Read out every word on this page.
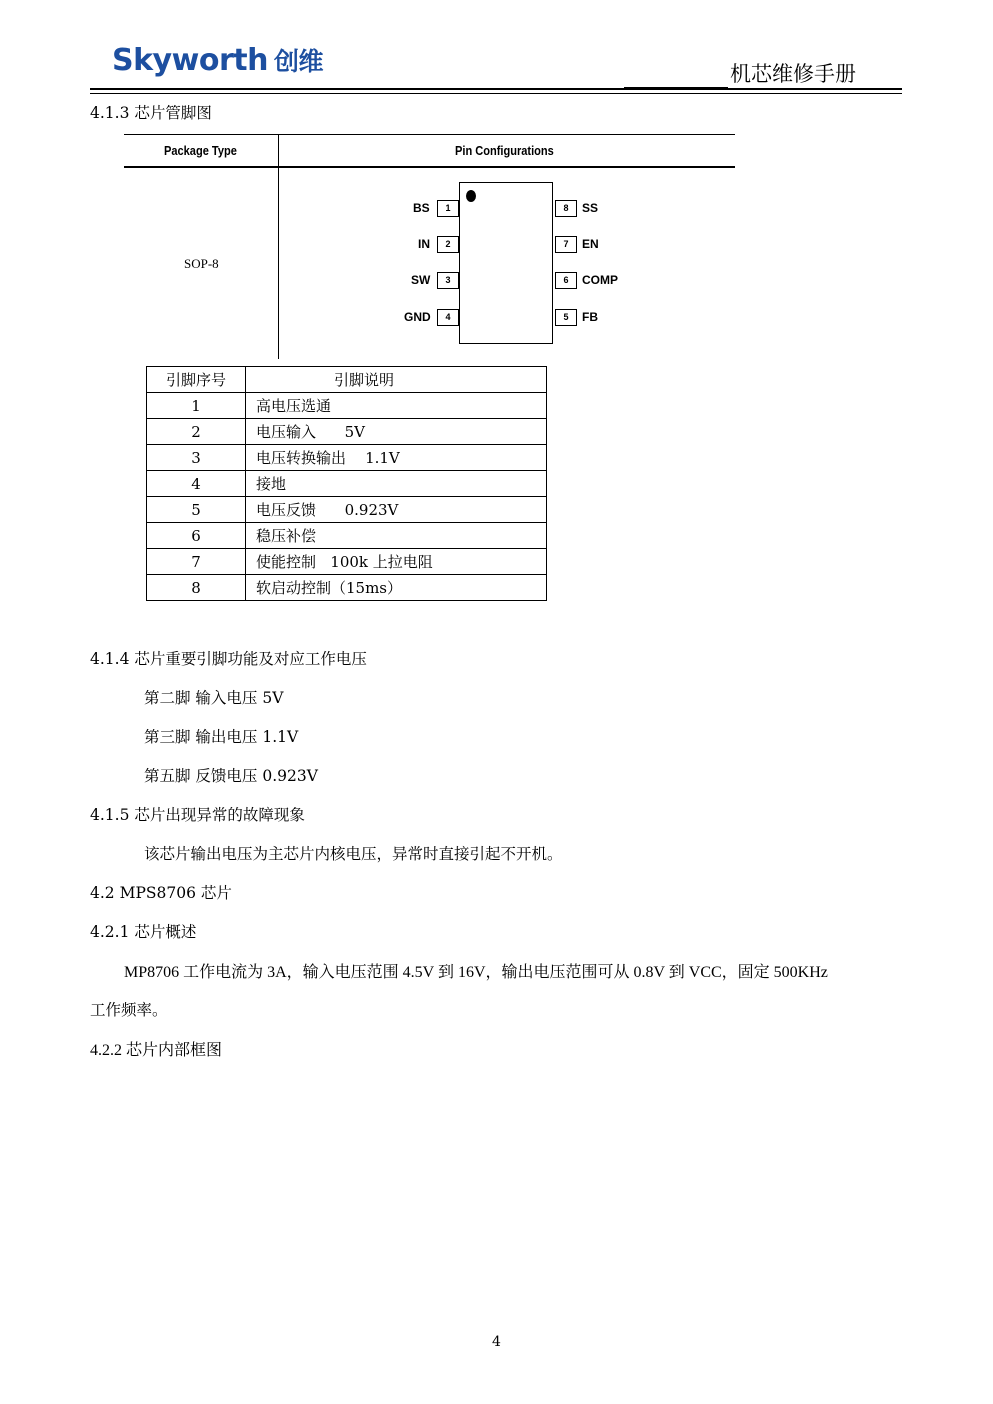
Skyworth 创维	机芯维修手册
4.1.3 芯片管脚图
Package Type	Pin Configurations
SOP-8
1
2
3
4
8
7
6
5
BS
IN
SW
GND
SS
EN
COMP
FB
引脚序号	引脚说明
1	高电压选通
2	电压输入      5V
3	电压转换输出    1.1V
4	接地
5	电压反馈      0.923V
6	稳压补偿
7	使能控制   100k 上拉电阻
8	软启动控制（15ms）
4.1.4 芯片重要引脚功能及对应工作电压
第二脚 输入电压 5V
第三脚 输出电压 1.1V
第五脚 反馈电压 0.923V
4.1.5 芯片出现异常的故障现象
该芯片输出电压为主芯片内核电压，异常时直接引起不开机。
4.2 MPS8706 芯片
4.2.1 芯片概述
MP8706 工作电流为 3A，输入电压范围 4.5V 到 16V，输出电压范围可从 0.8V 到 VCC，固定 500KHz
工作频率。
4.2.2 芯片内部框图
4
